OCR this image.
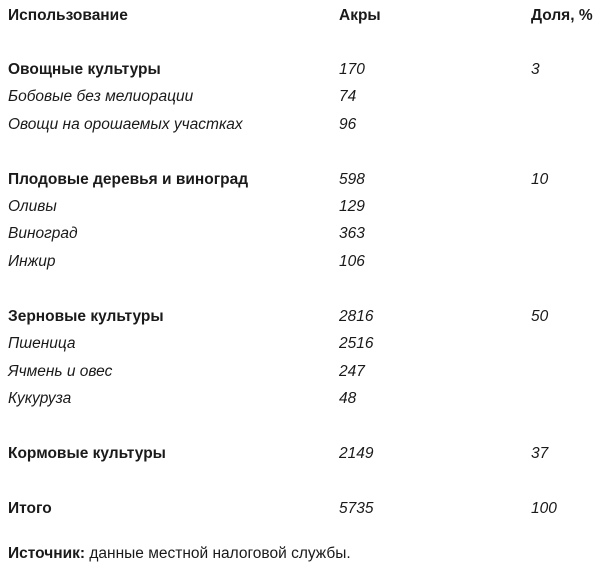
Использование	Акры	Доля, %
Овощные культуры	170	3
Бобовые без мелиорации	74
Овощи на орошаемых участках	96
Плодовые деревья и виноград	598	10
Оливы	129
Виноград	363
Инжир	106
Зерновые культуры	2816	50
Пшеница	2516
Ячмень и овес	247
Кукуруза	48
Кормовые культуры	2149	37
Итого	5735	100
Источник: данные местной налоговой службы.
